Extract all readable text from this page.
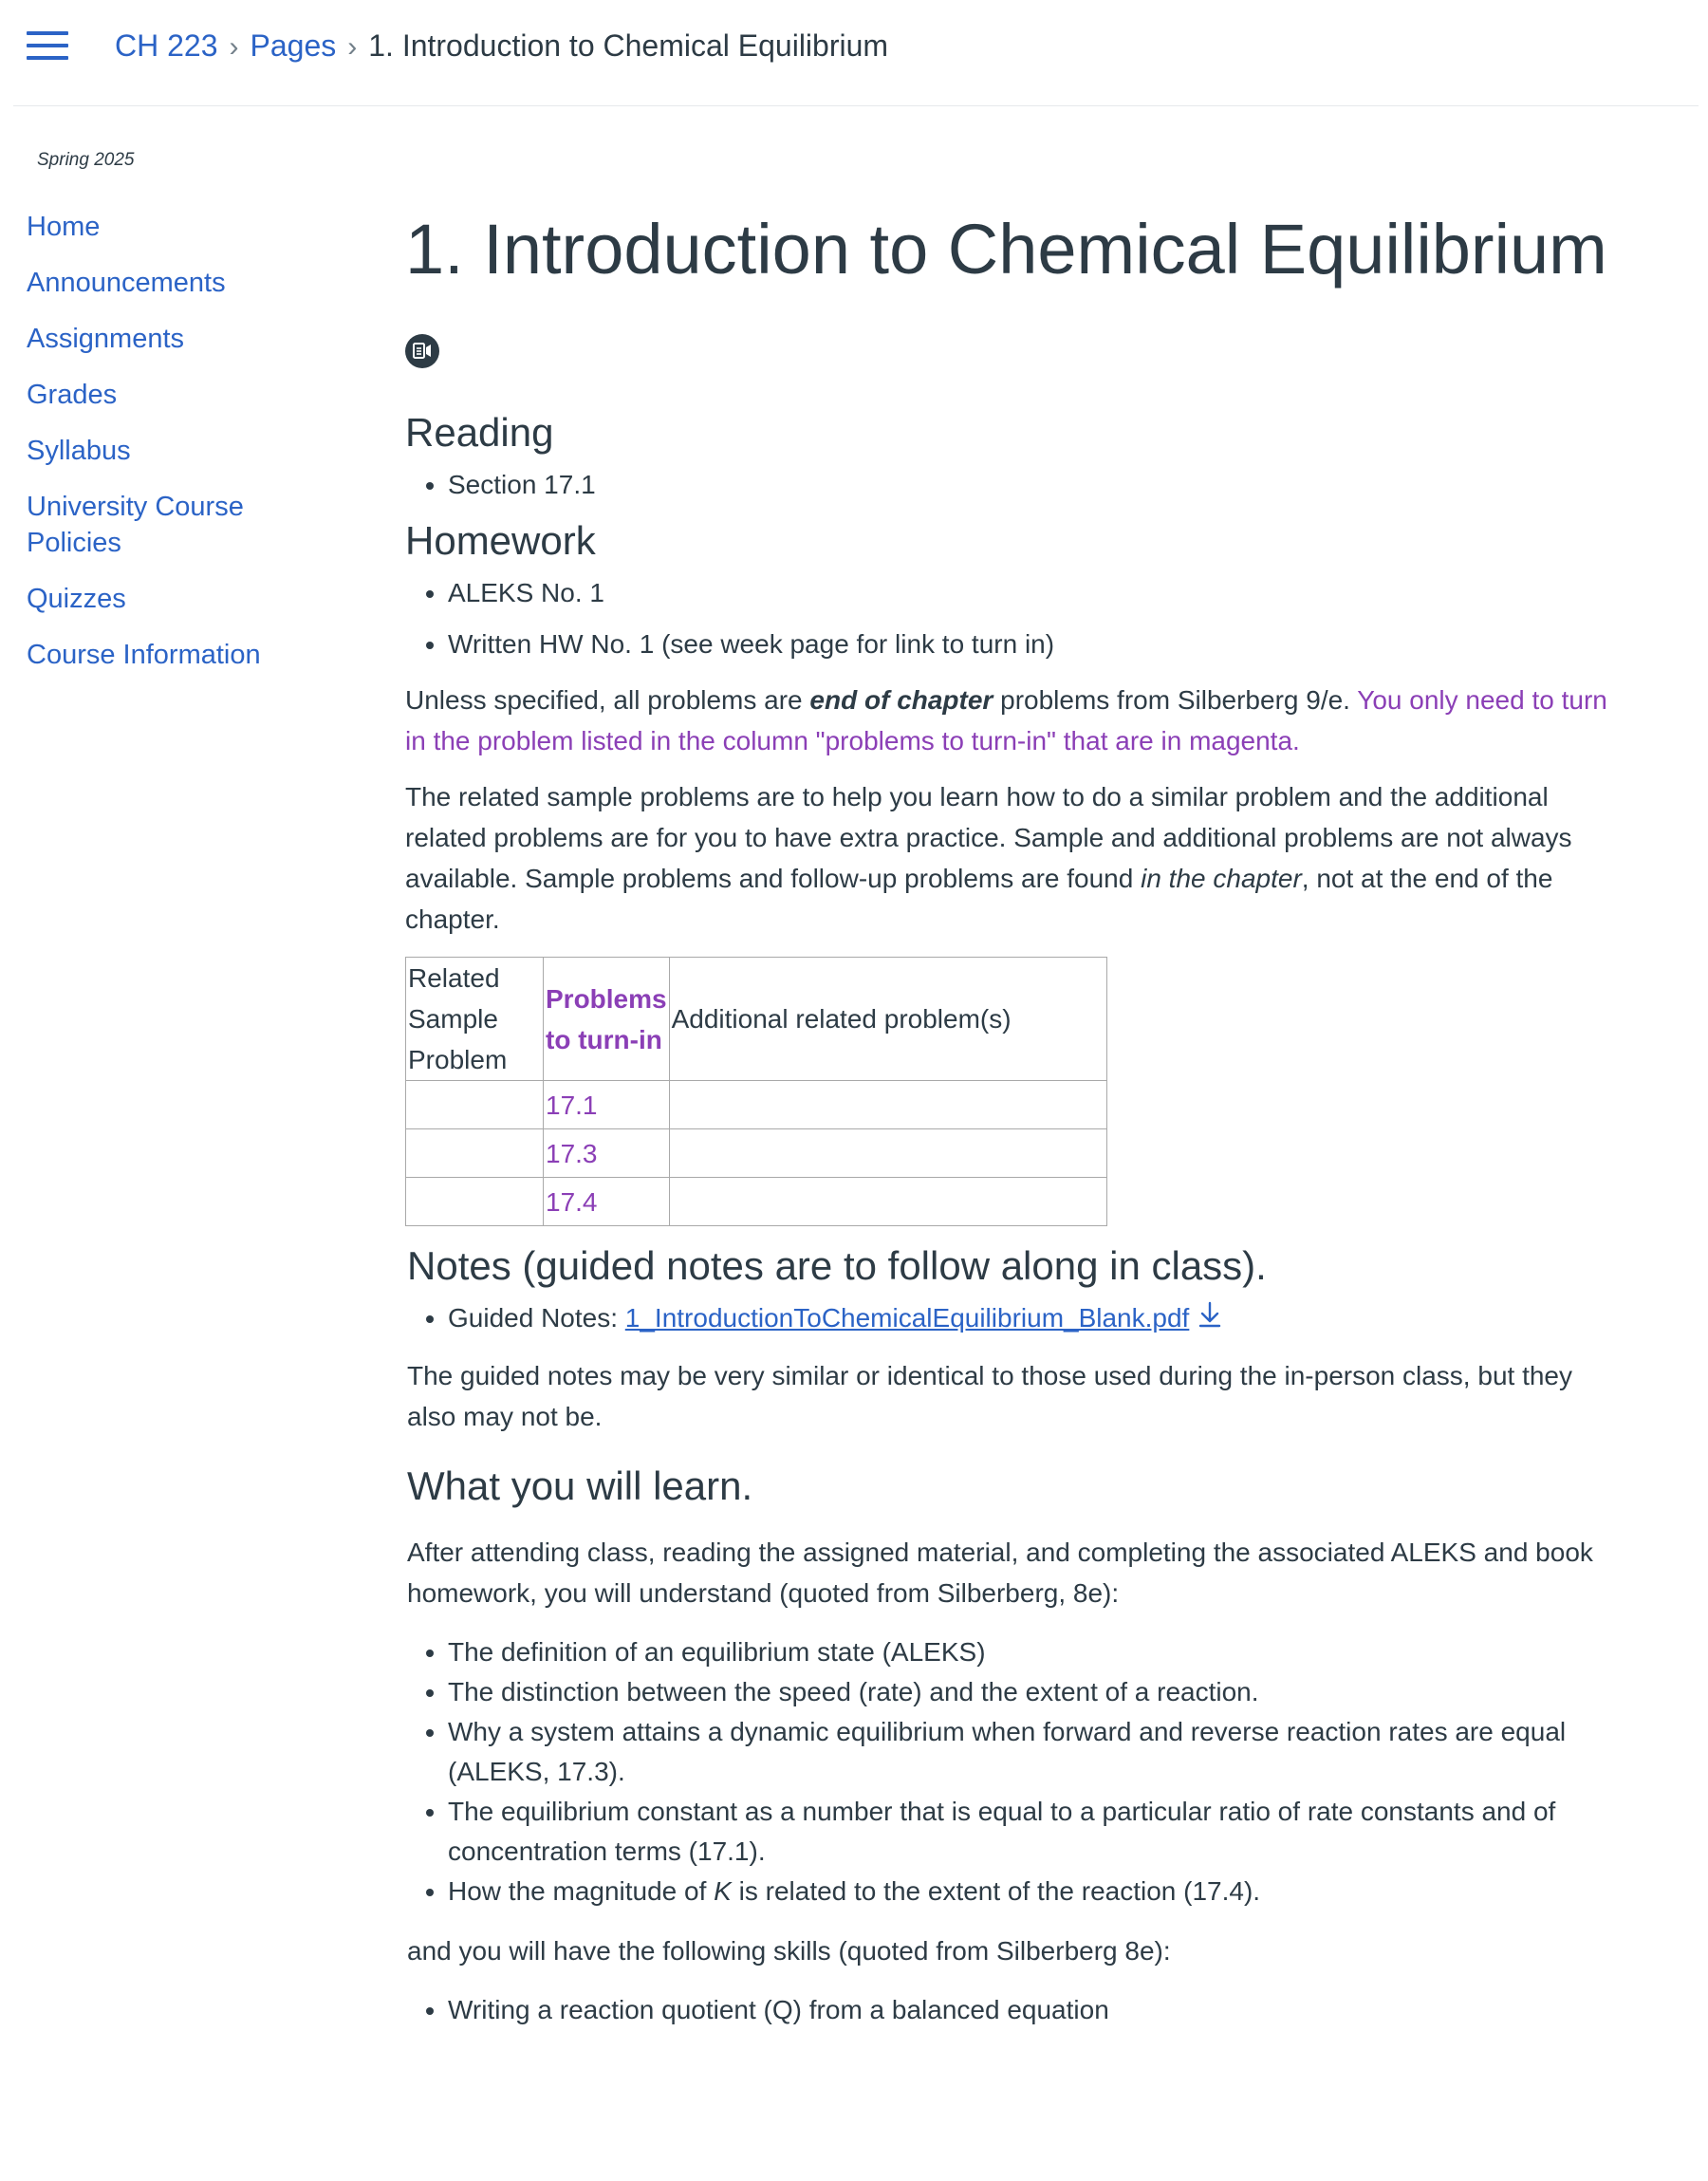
CH 223 › Pages › 1. Introduction to Chemical Equilibrium
Spring 2025
Home
Announcements
Assignments
Grades
Syllabus
University Course Policies
Quizzes
Course Information
1. Introduction to Chemical Equilibrium
Reading
• Section 17.1
Homework
• ALEKS No. 1
• Written HW No. 1 (see week page for link to turn in)

Unless specified, all problems are end of chapter problems from Silberberg 9/e. You only need to turn in the problem listed in the column "problems to turn-in" that are in magenta.

The related sample problems are to help you learn how to do a similar problem and the additional related problems are for you to have extra practice. Sample and additional problems are not always available. Sample problems and follow-up problems are found in the chapter, not at the end of the chapter.

Related Sample Problem	Problems to turn-in	Additional related problem(s)
	17.1	
	17.3	
	17.4	
Notes (guided notes are to follow along in class).
• Guided Notes: 1_IntroductionToChemicalEquilibrium_Blank.pdf

The guided notes may be very similar or identical to those used during the in-person class, but they also may not be.

What you will learn.

After attending class, reading the assigned material, and completing the associated ALEKS and book homework, you will understand (quoted from Silberberg, 8e):

• The definition of an equilibrium state (ALEKS)
• The distinction between the speed (rate) and the extent of a reaction.
• Why a system attains a dynamic equilibrium when forward and reverse reaction rates are equal (ALEKS, 17.3).
• The equilibrium constant as a number that is equal to a particular ratio of rate constants and of concentration terms (17.1).
• How the magnitude of K is related to the extent of the reaction (17.4).

and you will have the following skills (quoted from Silberberg 8e):

• Writing a reaction quotient (Q) from a balanced equation
